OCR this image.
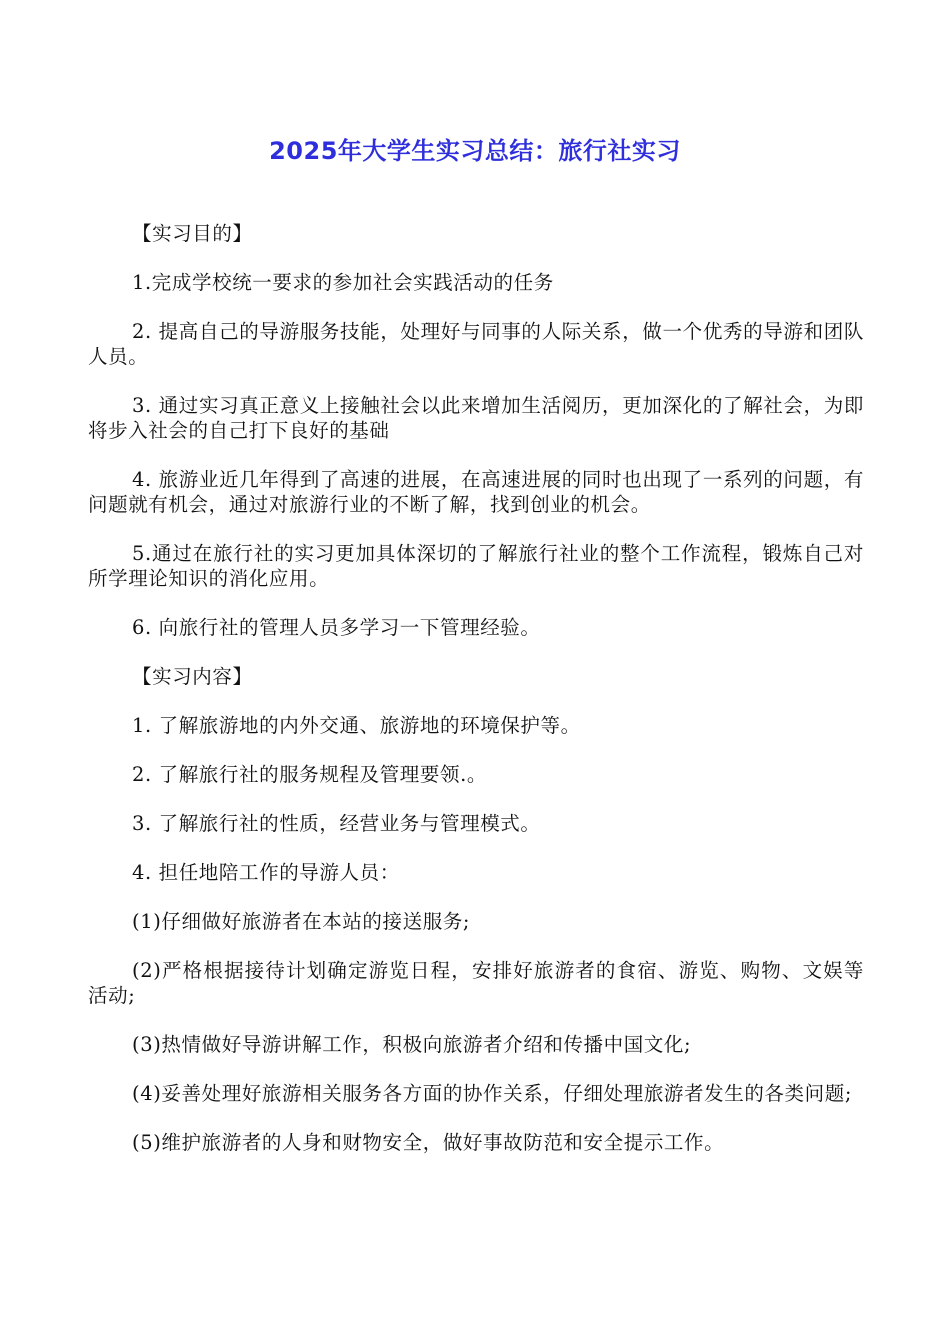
2025年大学生实习总结：旅行社实习

【实习目的】

1.完成学校统一要求的参加社会实践活动的任务

2. 提高自己的导游服务技能，处理好与同事的人际关系，做一个优秀的导游和团队人员。

3. 通过实习真正意义上接触社会以此来增加生活阅历，更加深化的了解社会，为即将步入社会的自己打下良好的基础

4. 旅游业近几年得到了高速的进展，在高速进展的同时也出现了一系列的问题，有问题就有机会，通过对旅游行业的不断了解，找到创业的机会。

5.通过在旅行社的实习更加具体深切的了解旅行社业的整个工作流程，锻炼自己对所学理论知识的消化应用。

6. 向旅行社的管理人员多学习一下管理经验。

【实习内容】

1. 了解旅游地的内外交通、旅游地的环境保护等。

2. 了解旅行社的服务规程及管理要领.。

3. 了解旅行社的性质，经营业务与管理模式。

4. 担任地陪工作的导游人员：

(1)仔细做好旅游者在本站的接送服务;

(2)严格根据接待计划确定游览日程，安排好旅游者的食宿、游览、购物、文娱等活动;

(3)热情做好导游讲解工作，积极向旅游者介绍和传播中国文化;

(4)妥善处理好旅游相关服务各方面的协作关系，仔细处理旅游者发生的各类问题;

(5)维护旅游者的人身和财物安全，做好事故防范和安全提示工作。
